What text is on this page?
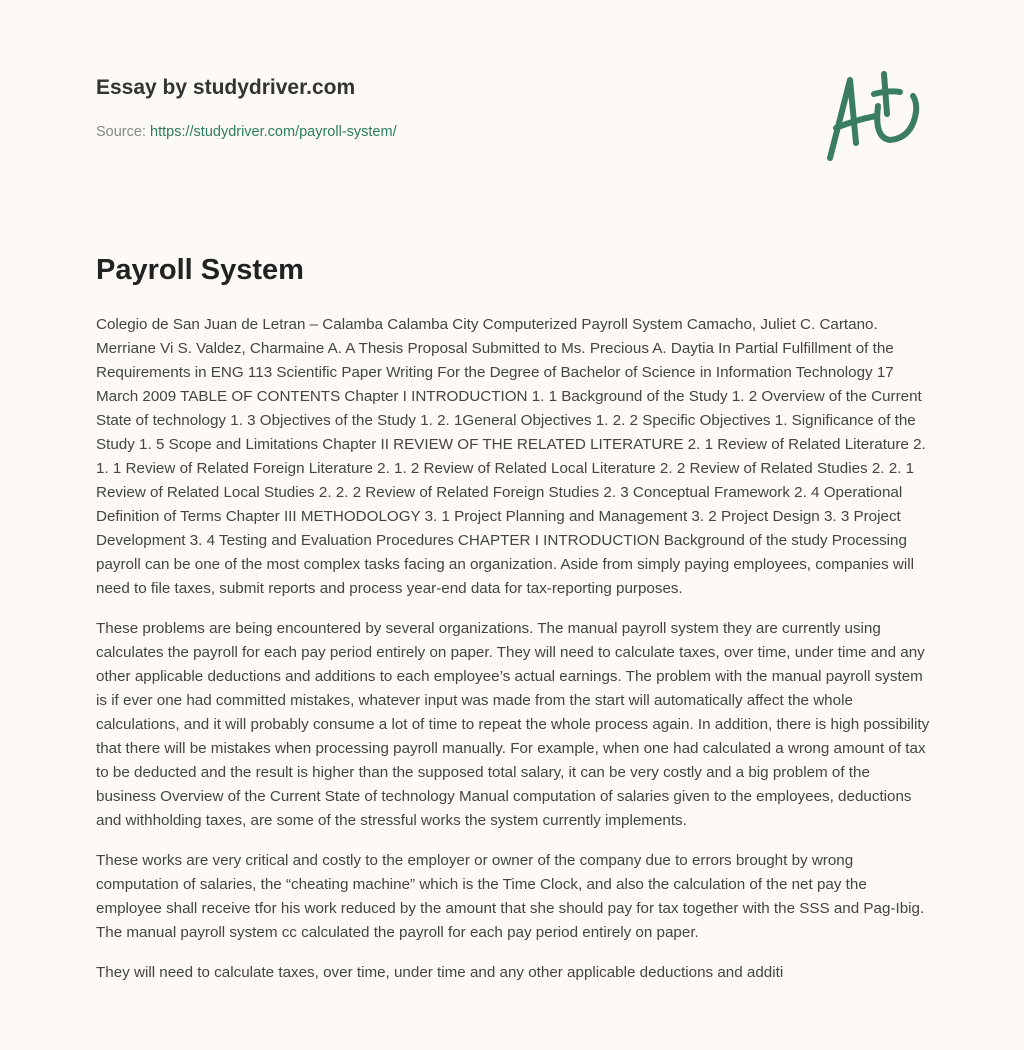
Essay by studydriver.com
Source: https://studydriver.com/payroll-system/
Payroll System

Colegio de San Juan de Letran – Calamba Calamba City Computerized Payroll System Camacho, Juliet C. Cartano. Merriane Vi S. Valdez, Charmaine A. A Thesis Proposal Submitted to Ms. Precious A. Daytia In Partial Fulfillment of the Requirements in ENG 113 Scientific Paper Writing For the Degree of Bachelor of Science in Information Technology 17 March 2009 TABLE OF CONTENTS Chapter I INTRODUCTION 1. 1 Background of the Study 1. 2 Overview of the Current State of technology 1. 3 Objectives of the Study 1. 2. 1General Objectives 1. 2. 2 Specific Objectives 1. Significance of the Study 1. 5 Scope and Limitations Chapter II REVIEW OF THE RELATED LITERATURE 2. 1 Review of Related Literature 2. 1. 1 Review of Related Foreign Literature 2. 1. 2 Review of Related Local Literature 2. 2 Review of Related Studies 2. 2. 1 Review of Related Local Studies 2. 2. 2 Review of Related Foreign Studies 2. 3 Conceptual Framework 2. 4 Operational Definition of Terms Chapter III METHODOLOGY 3. 1 Project Planning and Management 3. 2 Project Design 3. 3 Project Development 3. 4 Testing and Evaluation Procedures CHAPTER I INTRODUCTION Background of the study Processing payroll can be one of the most complex tasks facing an organization. Aside from simply paying employees, companies will need to file taxes, submit reports and process year-end data for tax-reporting purposes.

These problems are being encountered by several organizations. The manual payroll system they are currently using calculates the payroll for each pay period entirely on paper. They will need to calculate taxes, over time, under time and any other applicable deductions and additions to each employee’s actual earnings. The problem with the manual payroll system is if ever one had committed mistakes, whatever input was made from the start will automatically affect the whole calculations, and it will probably consume a lot of time to repeat the whole process again. In addition, there is high possibility that there will be mistakes when processing payroll manually. For example, when one had calculated a wrong amount of tax to be deducted and the result is higher than the supposed total salary, it can be very costly and a big problem of the business Overview of the Current State of technology Manual computation of salaries given to the employees, deductions and withholding taxes, are some of the stressful works the system currently implements.

These works are very critical and costly to the employer or owner of the company due to errors brought by wrong computation of salaries, the “cheating machine” which is the Time Clock, and also the calculation of the net pay the employee shall receive tfor his work reduced by the amount that she should pay for tax together with the SSS and Pag-Ibig. The manual payroll system cc calculated the payroll for each pay period entirely on paper.

They will need to calculate taxes, over time, under time and any other applicable deductions and additi
